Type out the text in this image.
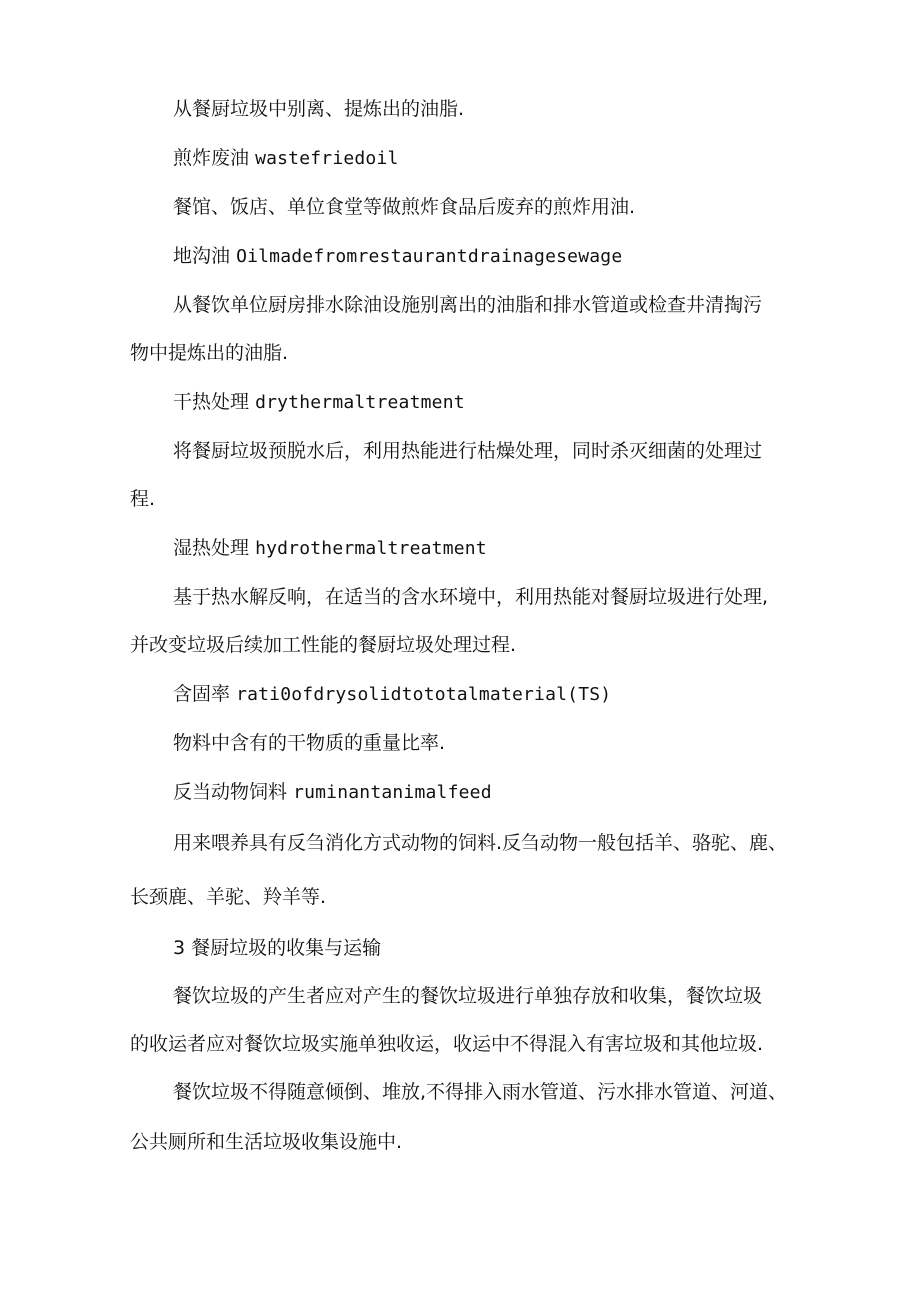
从餐厨垃圾中别离、提炼出的油脂.
煎炸废油 wastefriedoil
餐馆、饭店、单位食堂等做煎炸食品后废弃的煎炸用油.
地沟油 Oilmadefromrestaurantdrainagesewage
从餐饮单位厨房排水除油设施别离出的油脂和排水管道或检查井清掏污
物中提炼出的油脂.
干热处理 drythermaltreatment
将餐厨垃圾预脱水后，利用热能进行枯燥处理，同时杀灭细菌的处理过
程.
湿热处理 hydrothermaltreatment
基于热水解反响，在适当的含水环境中，利用热能对餐厨垃圾进行处理,
并改变垃圾后续加工性能的餐厨垃圾处理过程.
含固率 rati0ofdrysolidtototalmaterial(TS)
物料中含有的干物质的重量比率.
反当动物饲料 ruminantanimalfeed
用来喂养具有反刍消化方式动物的饲料.反刍动物一般包括羊、骆驼、鹿、
长颈鹿、羊驼、羚羊等.
3 餐厨垃圾的收集与运输
餐饮垃圾的产生者应对产生的餐饮垃圾进行单独存放和收集，餐饮垃圾
的收运者应对餐饮垃圾实施单独收运，收运中不得混入有害垃圾和其他垃圾.
餐饮垃圾不得随意倾倒、堆放,不得排入雨水管道、污水排水管道、河道、
公共厕所和生活垃圾收集设施中.
